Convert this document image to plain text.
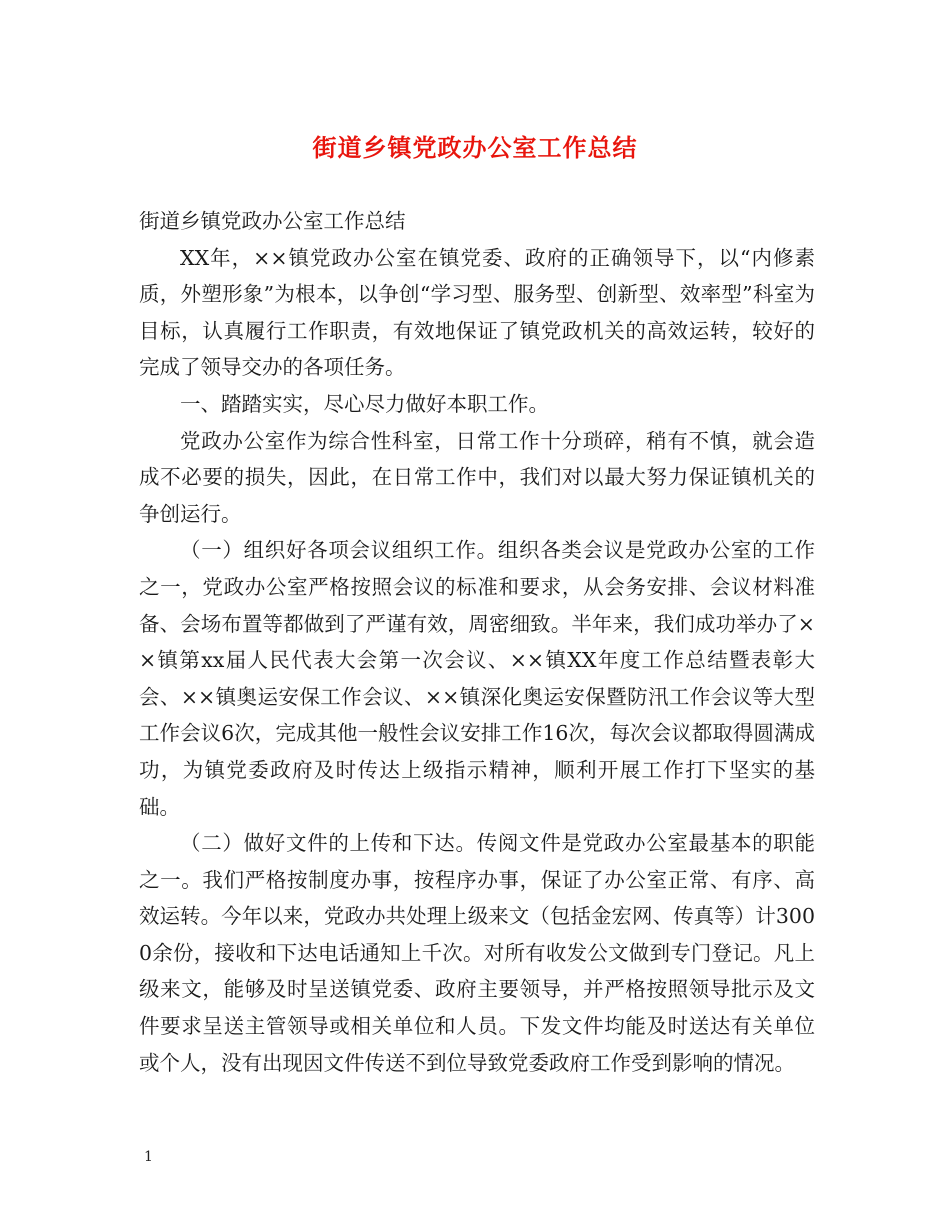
街道乡镇党政办公室工作总结

街道乡镇党政办公室工作总结

XX年，××镇党政办公室在镇党委、政府的正确领导下，以“内修素质，外塑形象”为根本，以争创“学习型、服务型、创新型、效率型”科室为目标，认真履行工作职责，有效地保证了镇党政机关的高效运转，较好的完成了领导交办的各项任务。

一、踏踏实实，尽心尽力做好本职工作。

党政办公室作为综合性科室，日常工作十分琐碎，稍有不慎，就会造成不必要的损失，因此，在日常工作中，我们对以最大努力保证镇机关的争创运行。

（一）组织好各项会议组织工作。组织各类会议是党政办公室的工作之一，党政办公室严格按照会议的标准和要求，从会务安排、会议材料准备、会场布置等都做到了严谨有效，周密细致。半年来，我们成功举办了××镇第xx届人民代表大会第一次会议、××镇XX年度工作总结暨表彰大会、××镇奥运安保工作会议、××镇深化奥运安保暨防汛工作会议等大型工作会议6次，完成其他一般性会议安排工作16次，每次会议都取得圆满成功，为镇党委政府及时传达上级指示精神，顺利开展工作打下坚实的基础。

（二）做好文件的上传和下达。传阅文件是党政办公室最基本的职能之一。我们严格按制度办事，按程序办事，保证了办公室正常、有序、高效运转。今年以来，党政办共处理上级来文（包括金宏网、传真等）计3000余份，接收和下达电话通知上千次。对所有收发公文做到专门登记。凡上级来文，能够及时呈送镇党委、政府主要领导，并严格按照领导批示及文件要求呈送主管领导或相关单位和人员。下发文件均能及时送达有关单位或个人，没有出现因文件传送不到位导致党委政府工作受到影响的情况。

1
